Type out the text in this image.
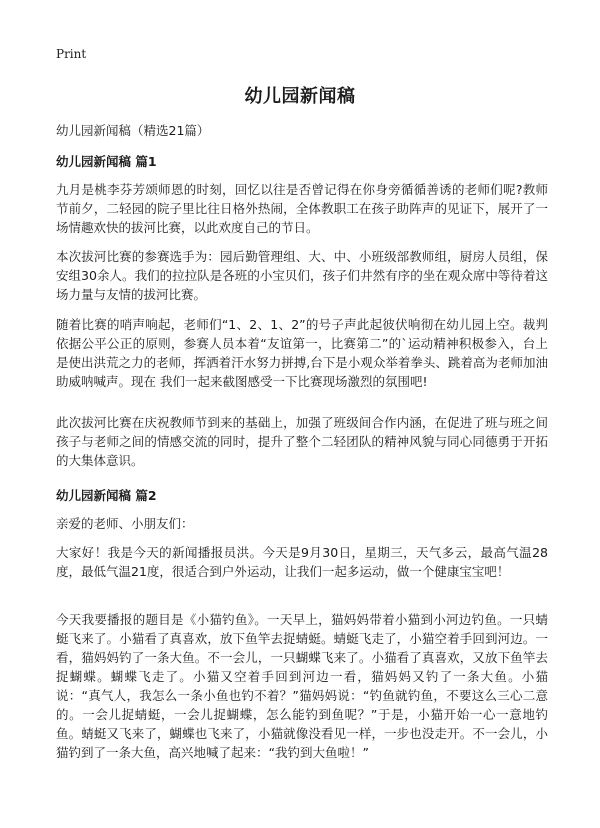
Print
幼儿园新闻稿
幼儿园新闻稿（精选21篇）
幼儿园新闻稿 篇1
九月是桃李芬芳颂师恩的时刻，回忆以往是否曾记得在你身旁循循善诱的老师们呢?教师节前夕，二轻园的院子里比往日格外热闹，全体教职工在孩子助阵声的见证下，展开了一场情趣欢快的拔河比赛，以此欢度自己的节日。
本次拔河比赛的参赛选手为：园后勤管理组、大、中、小班级部教师组，厨房人员组，保安组30余人。我们的拉拉队是各班的小宝贝们，孩子们井然有序的坐在观众席中等待着这场力量与友情的拔河比赛。
随着比赛的哨声响起，老师们“1、2、1、2”的号子声此起彼伏响彻在幼儿园上空。裁判依据公平公正的原则，参赛人员本着“友谊第一，比赛第二”的`运动精神积极参入，台上是使出洪荒之力的老师，挥洒着汗水努力拼搏,台下是小观众举着拳头、跳着高为老师加油助威呐喊声。现在 我们一起来截图感受一下比赛现场激烈的氛围吧!
此次拔河比赛在庆祝教师节到来的基础上，加强了班级间合作内涵，在促进了班与班之间孩子与老师之间的情感交流的同时，提升了整个二轻团队的精神风貌与同心同德勇于开拓的大集体意识。
幼儿园新闻稿 篇2
亲爱的老师、小朋友们：
大家好！我是今天的新闻播报员洪。今天是9月30日，星期三，天气多云，最高气温28度，最低气温21度，很适合到户外运动，让我们一起多运动，做一个健康宝宝吧！
今天我要播报的题目是《小猫钓鱼》。一天早上，猫妈妈带着小猫到小河边钓鱼。一只蜻蜓飞来了。小猫看了真喜欢，放下鱼竿去捉蜻蜓。蜻蜓飞走了，小猫空着手回到河边。一看，猫妈妈钓了一条大鱼。不一会儿，一只蝴蝶飞来了。小猫看了真喜欢，又放下鱼竿去捉蝴蝶。蝴蝶飞走了。小猫又空着手回到河边一看，猫妈妈又钓了一条大鱼。小猫说：“真气人，我怎么一条小鱼也钓不着？”猫妈妈说：“钓鱼就钓鱼，不要这么三心二意的。一会儿捉蜻蜓，一会儿捉蝴蝶，怎么能钓到鱼呢？”于是，小猫开始一心一意地钓鱼。蜻蜓又飞来了，蝴蝶也飞来了，小猫就像没看见一样，一步也没走开。不一会儿，小猫钓到了一条大鱼，高兴地喊了起来：“我钓到大鱼啦！”
